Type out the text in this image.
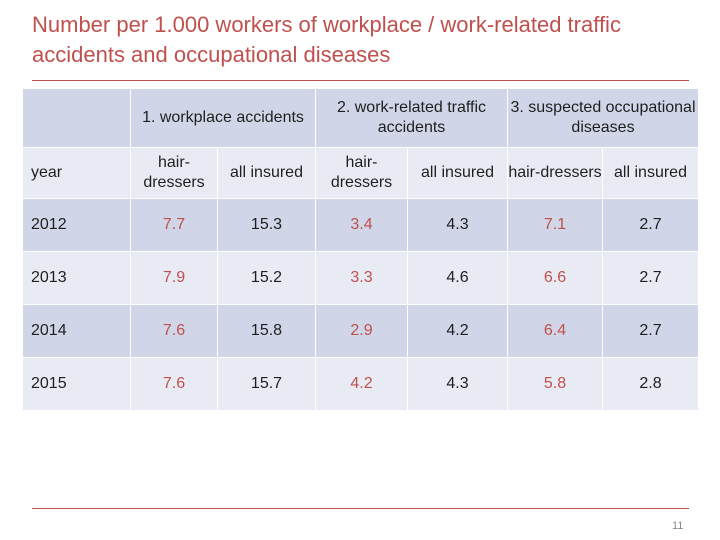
Number per 1.000 workers of workplace / work-related traffic accidents and occupational diseases
	1. workplace accidents		2. work-related traffic accidents		3. suspected occupational diseases	
year	hair-dressers	all insured	hair-dressers	all insured	hair-dressers	all insured
2012	7.7	15.3	3.4	4.3	7.1	2.7
2013	7.9	15.2	3.3	4.6	6.6	2.7
2014	7.6	15.8	2.9	4.2	6.4	2.7
2015	7.6	15.7	4.2	4.3	5.8	2.8
11
